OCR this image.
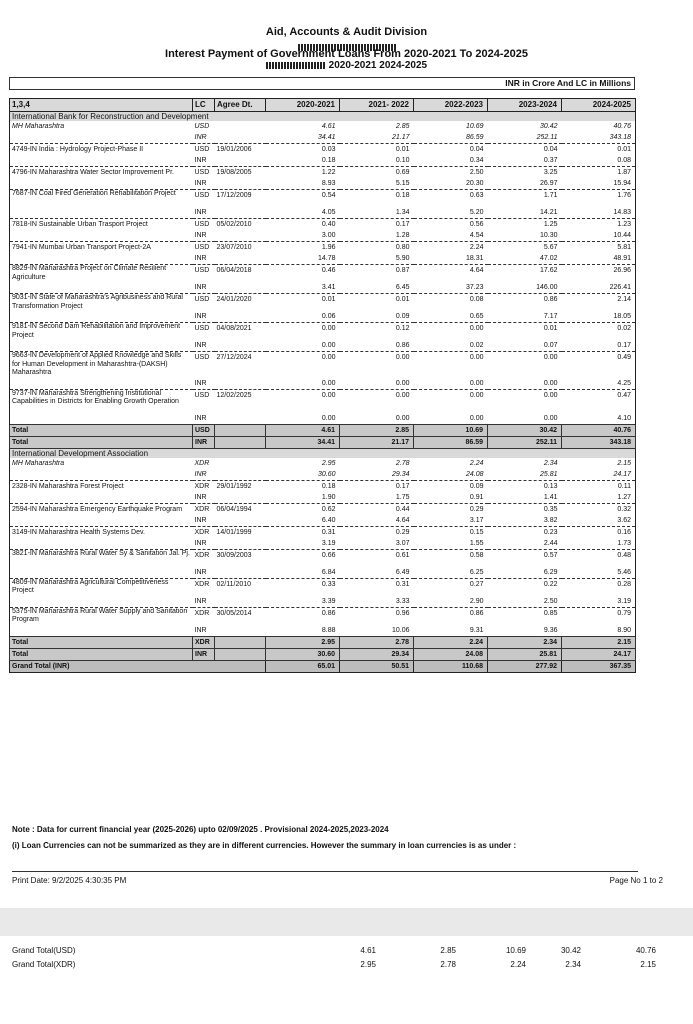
Aid, Accounts & Audit Division
Interest Payment of Government Loans From 2020-2021 To 2024-2025
2020-2021 2024-2025
INR in Crore And LC in Millions
1,3,4	LC	Agree Dt.	2020-2021	2021- 2022	2022-2023	2023-2024	2024-2025
International Bank for Reconstruction and Development							
MH Maharashtra	USD		4.61	2.85	10.69	30.42	40.76
	INR		34.41	21.17	86.59	252.11	343.18
4749-IN India : Hydrology Project-Phase II	USD	19/01/2006	0.03	0.01	0.04	0.04	0.01
	INR		0.18	0.10	0.34	0.37	0.08
4796-IN Maharashtra Water Sector Improvement Pr.	USD	19/08/2005	1.22	0.69	2.50	3.25	1.87
	INR		8.93	5.15	20.30	26.97	15.94
7687-IN Coal Fired Generation Rehabilitation Project	USD	17/12/2009	0.54	0.18	0.63	1.71	1.76
	INR		4.05	1.34	5.20	14.21	14.83
7818-IN Sustainable Urban Trasport Project	USD	05/02/2010	0.40	0.17	0.56	1.25	1.23
	INR		3.00	1.28	4.54	10.30	10.44
7941-IN Mumbai Urban Transport Project-2A	USD	23/07/2010	1.96	0.80	2.24	5.67	5.81
	INR		14.78	5.90	18.31	47.02	48.91
8829-IN Maharashtra Project on Climate Resilient Agriculture	USD	06/04/2018	0.46	0.87	4.64	17.62	26.96
	INR		3.41	6.45	37.23	146.00	226.41
9031-IN State of Maharashtra's Agribusiness and Rural Transformation Project	USD	24/01/2020	0.01	0.01	0.08	0.86	2.14
	INR		0.06	0.09	0.65	7.17	18.05
9181-IN Second Dam Rehabilitation and Improvement Project	USD	04/08/2021	0.00	0.12	0.00	0.01	0.02
	INR		0.00	0.86	0.02	0.07	0.17
9663-IN Development of Applied Knowledge and Skills for Human Development in Maharashtra-(DAKSH) Maharashtra	USD	27/12/2024	0.00	0.00	0.00	0.00	0.49
	INR		0.00	0.00	0.00	0.00	4.25
9737-IN Maharashtra Strengthening Institutional Capabilities in Districts for Enabling Growth Operation	USD	12/02/2025	0.00	0.00	0.00	0.00	0.47
	INR		0.00	0.00	0.00	0.00	4.10
Total	USD		4.61	2.85	10.69	30.42	40.76
Total	INR		34.41	21.17	86.59	252.11	343.18
International Development Association							
MH Maharashtra	XDR		2.95	2.78	2.24	2.34	2.15
	INR		30.60	29.34	24.08	25.81	24.17
2328-IN Maharashtra Forest Project	XDR	29/01/1992	0.18	0.17	0.09	0.13	0.11
	INR		1.90	1.75	0.91	1.41	1.27
2594-IN Maharashtra Emergency Earthquake Program	XDR	06/04/1994	0.62	0.44	0.29	0.35	0.32
	INR		6.40	4.64	3.17	3.82	3.62
3149-IN Maharashtra Health Systems Dev.	XDR	14/01/1999	0.31	0.29	0.15	0.23	0.16
	INR		3.19	3.07	1.55	2.44	1.73
3821-IN Maharashtra Rural Water Sy & Sanitation Jal. Pj.	XDR	30/09/2003	0.66	0.61	0.58	0.57	0.48
	INR		6.84	6.49	6.25	6.29	5.46
4809-IN Maharashtra Agricultural Competitiveness Project	XDR	02/11/2010	0.33	0.31	0.27	0.22	0.28
	INR		3.39	3.33	2.90	2.50	3.19
5375-IN Maharashtra Rural Water Supply and Sanitation Program	XDR	30/05/2014	0.86	0.96	0.86	0.85	0.79
	INR		8.88	10.06	9.31	9.36	8.90
Total	XDR		2.95	2.78	2.24	2.34	2.15
Total	INR		30.60	29.34	24.08	25.81	24.17
Grand Total (INR)			65.01	50.51	110.68	277.92	367.35
Note : Data for current financial year (2025-2026) upto 02/09/2025 . Provisional 2024-2025,2023-2024
(i) Loan Currencies can not be summarized as they are in different currencies. However the summary in loan currencies is as under :
Print Date: 9/2/2025 4:30:35 PM	Page No 1 to 2
Grand Total(USD)	4.61	2.85	10.69	30.42	40.76
Grand Total(XDR)	2.95	2.78	2.24	2.34	2.15
